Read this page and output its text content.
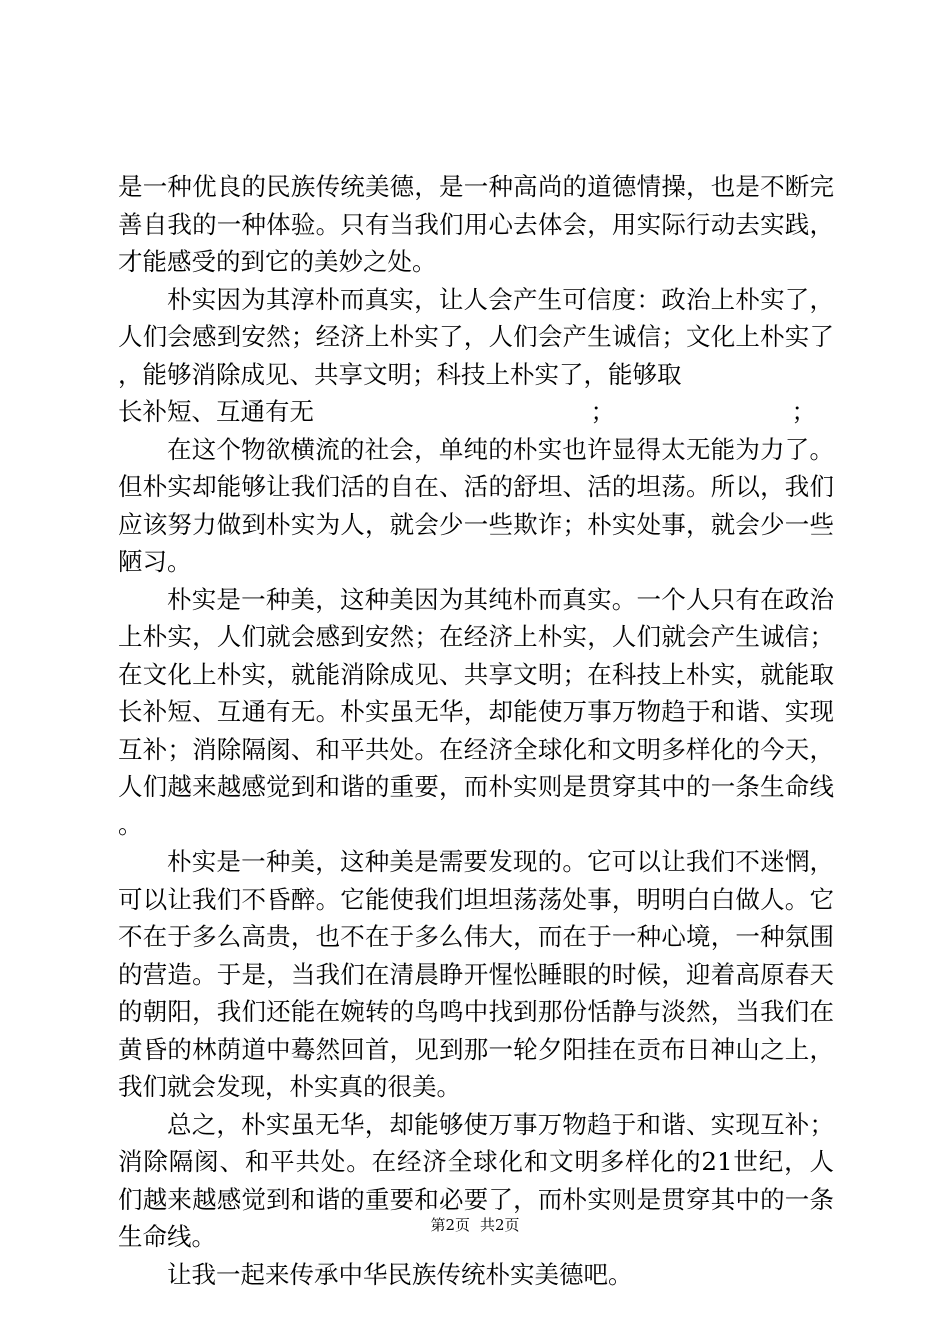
是一种优良的民族传统美德，是一种高尚的道德情操，也是不断完善自我的一种体验。只有当我们用心去体会，用实际行动去实践，才能感受的到它的美妙之处。

朴实因为其淳朴而真实，让人会产生可信度：政治上朴实了，人们会感到安然；经济上朴实了，人们会产生诚信；文化上朴实了，能够消除成见、共享文明；科技上朴实了，能够取

长补短、互通有无	；	；

在这个物欲横流的社会，单纯的朴实也许显得太无能为力了。但朴实却能够让我们活的自在、活的舒坦、活的坦荡。所以，我们应该努力做到朴实为人，就会少一些欺诈；朴实处事，就会少一些陋习。

朴实是一种美，这种美因为其纯朴而真实。一个人只有在政治上朴实，人们就会感到安然；在经济上朴实，人们就会产生诚信；在文化上朴实，就能消除成见、共享文明；在科技上朴实，就能取长补短、互通有无。朴实虽无华，却能使万事万物趋于和谐、实现互补；消除隔阂、和平共处。在经济全球化和文明多样化的今天，人们越来越感觉到和谐的重要，而朴实则是贯穿其中的一条生命线。

朴实是一种美，这种美是需要发现的。它可以让我们不迷惘，可以让我们不昏醉。它能使我们坦坦荡荡处事，明明白白做人。它不在于多么高贵，也不在于多么伟大，而在于一种心境，一种氛围的营造。于是，当我们在清晨睁开惺忪睡眼的时候，迎着高原春天的朝阳，我们还能在婉转的鸟鸣中找到那份恬静与淡然，当我们在黄昏的林荫道中蓦然回首，见到那一轮夕阳挂在贡布日神山之上，我们就会发现，朴实真的很美。

总之，朴实虽无华，却能够使万事万物趋于和谐、实现互补；消除隔阂、和平共处。在经济全球化和文明多样化的21世纪，人们越来越感觉到和谐的重要和必要了，而朴实则是贯穿其中的一条生命线。

让我一起来传承中华民族传统朴实美德吧。

第2页 共2页
